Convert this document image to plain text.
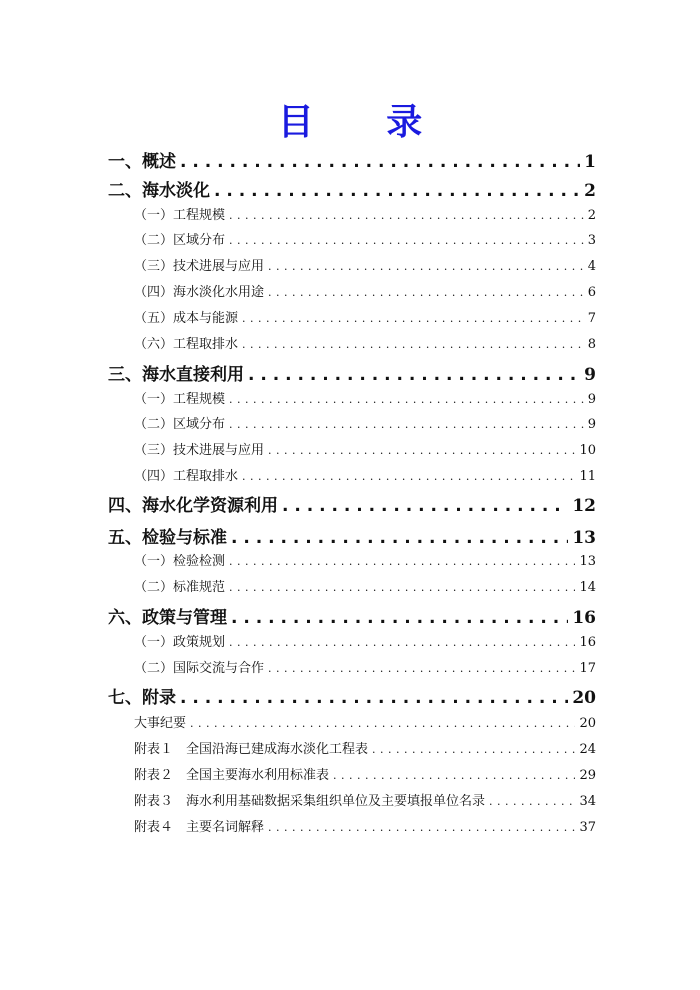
目 录
一、概述 . . .	1
二、海水淡化 . . .	2
（一）工程规模 . . .	2
（二）区域分布 . . .	3
（三）技术进展与应用 . . .	4
（四）海水淡化水用途 . . .	6
（五）成本与能源 . . .	7
（六）工程取排水 . . .	8
三、海水直接利用 . . .	9
（一）工程规模 . . .	9
（二）区域分布 . . .	9
（三）技术进展与应用 . . .	10
（四）工程取排水 . . .	11
四、海水化学资源利用 . . .	12
五、检验与标准 . . .	13
（一）检验检测 . . .	13
（二）标准规范 . . .	14
六、政策与管理 . . .	16
（一）政策规划 . . .	16
（二）国际交流与合作 . . .	17
七、附录 . . .	20
大事纪要 . . .	20
附表１　全国沿海已建成海水淡化工程表 . . .	24
附表２　全国主要海水利用标准表 . . .	29
附表３　海水利用基础数据采集组织单位及主要填报单位名录 . . .	34
附表４　主要名词解释 . . .	37
